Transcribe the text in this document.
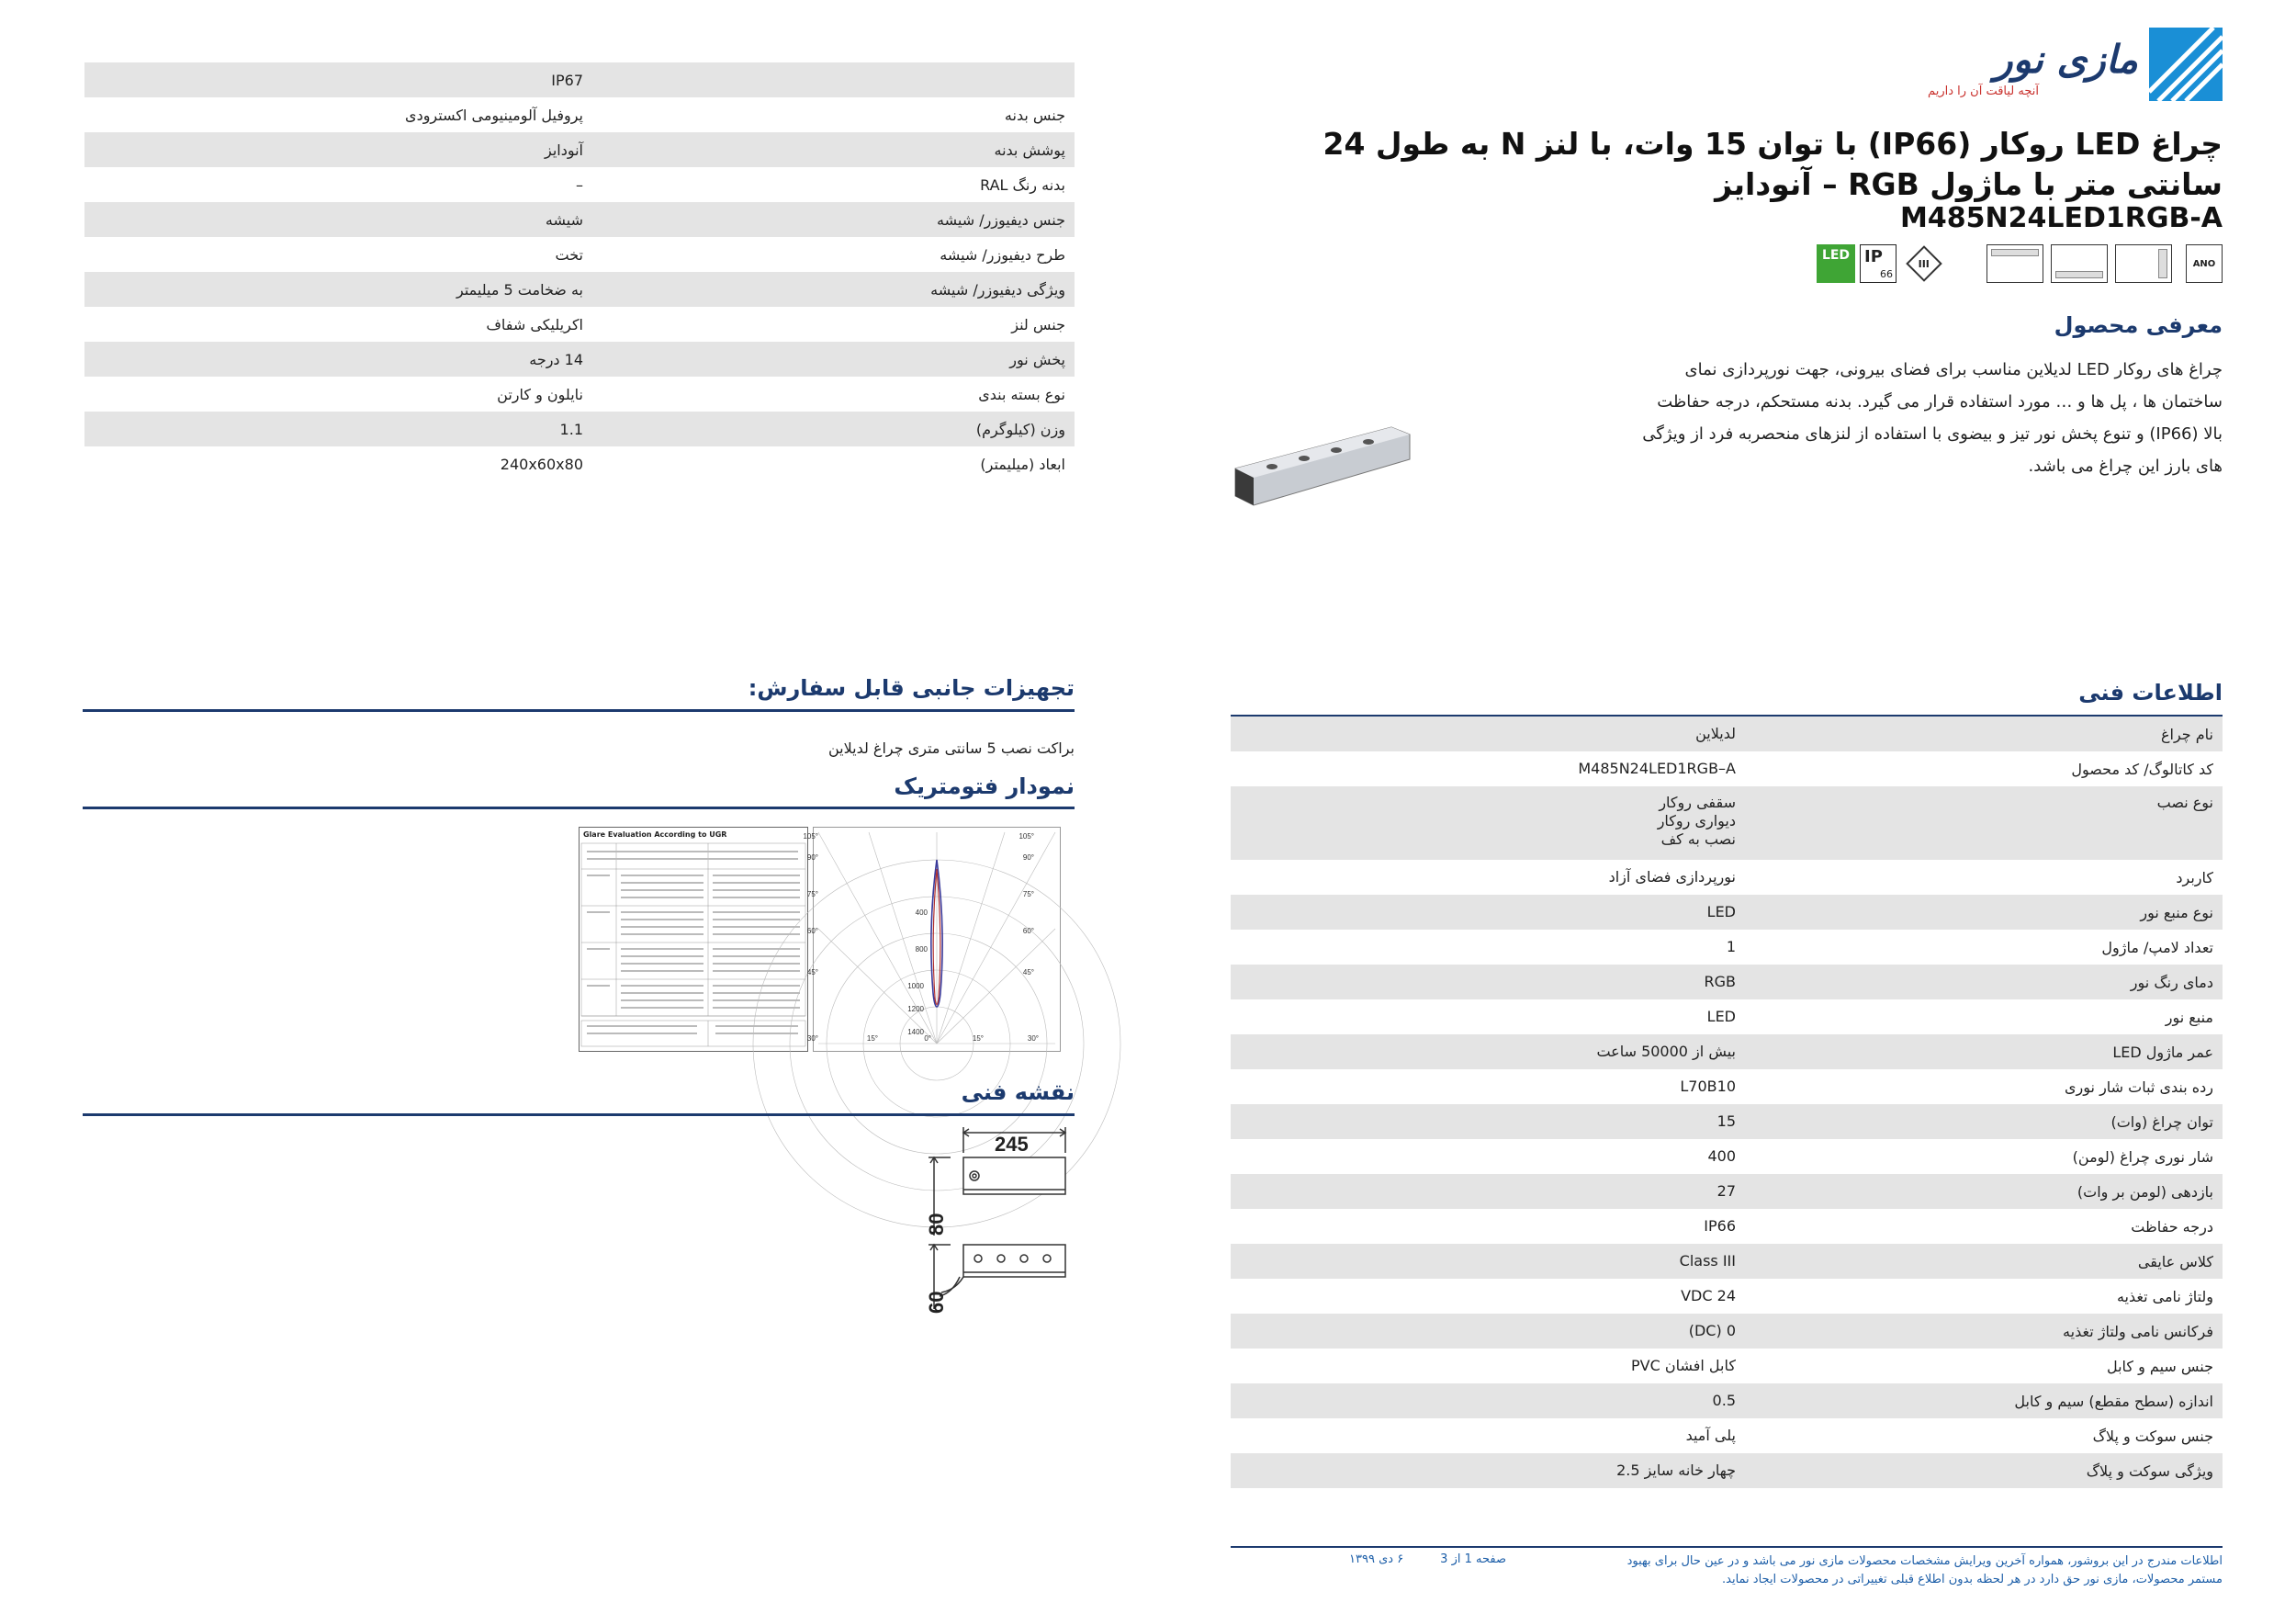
مازی نور
آنچه لیاقت آن را داریم
چراغ LED روکار (IP66) با توان 15 وات، با لنز N به طول 24 سانتی متر با ماژول RGB – آنودایز
M485N24LED1RGB-A
ANO
III
IP
66
LED
معرفی محصول
چراغ های روکار LED لدیلاین مناسب برای فضای بیرونی، جهت نورپردازی نمای ساختمان ها ، پل ها و … مورد استفاده قرار می گیرد. بدنه مستحکم، درجه حفاظت بالا (IP66) و تنوع پخش نور تیز و بیضوی با استفاده از لنزهای منحصربه فرد از ویژگی های بارز این چراغ می باشد.
اطلاعات فنی
نام چراغ
لدیلاین
کد کاتالوگ/ کد محصول
M485N24LED1RGB–A
نوع نصب
سقفی روکار
دیواری روکار
نصب به کف
کاربرد
نورپردازی فضای آزاد
نوع منبع نور
LED
تعداد لامپ/ ماژول
1
دمای رنگ نور
RGB
منبع نور
LED
عمر ماژول LED
بیش از 50000 ساعت
رده بندی ثبات شار نوری
L70B10
توان چراغ (وات)
15
شار نوری چراغ (لومن)
400
بازدهی (لومن بر وات)
27
درجه حفاظت
IP66
کلاس عایقی
Class III
ولتاژ نامی تغذیه
24 VDC
فرکانس نامی ولتاژ تغذیه
0 (DC)
جنس سیم و کابل
کابل افشان PVC
اندازه (سطح مقطع) سیم و کابل
0.5
جنس سوکت و پلاگ
پلی آمید
ویژگی سوکت و پلاگ
چهار خانه سایز 2.5
اطلاعات مندرج در این بروشور، همواره آخرین ویرایش مشخصات محصولات مازی نور می باشد و در عین حال برای بهبود مستمر محصولات، مازی نور حق دارد در هر لحظه بدون اطلاع قبلی تغییراتی در محصولات ایجاد نماید.
صفحه 1 از 3
۶ دی ۱۳۹۹
IP67
جنس بدنه
پروفیل آلومینیومی اکسترودی
پوشش بدنه
آنودایز
بدنه رنگ RAL
–
جنس دیفیوزر/ شیشه
شیشه
طرح دیفیوزر/ شیشه
تخت
ویژگی دیفیوزر/ شیشه
به ضخامت 5 میلیمتر
جنس لنز
اکریلیکی شفاف
پخش نور
14 درجه
نوع بسته بندی
نایلون و کارتن
وزن (کیلوگرم)
1.1
ابعاد (میلیمتر)
240x60x80
تجهیزات جانبی قابل سفارش:
براکت نصب 5 سانتی متری چراغ لدیلاین
نمودار فتومتریک
Glare Evaluation According to UGR
400
800
1000
1200
1400
105°
90°
75°
60°
45°
30°	15°	0°
105°
90°
75°
60°
45°
30°
15°
نقشه فنی
245
80
60
